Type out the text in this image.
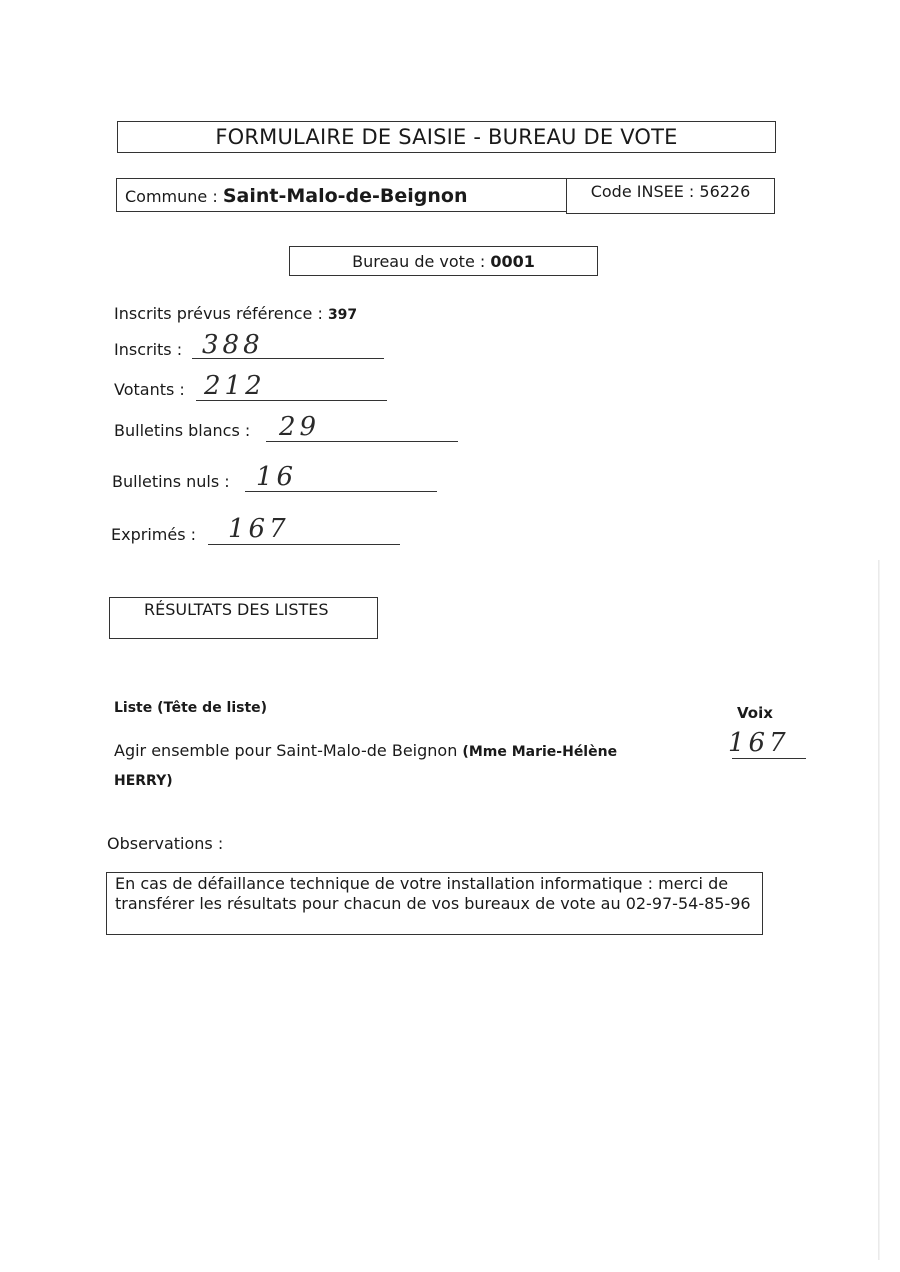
FORMULAIRE DE SAISIE - BUREAU DE VOTE
Commune : Saint-Malo-de-Beignon	Code INSEE : 56226
Bureau de vote : 0001
Inscrits prévus référence : 397
Inscrits : 388
Votants : 212
Bulletins blancs : 29
Bulletins nuls : 16
Exprimés : 167
RÉSULTATS DES LISTES
Liste (Tête de liste)	Voix
Agir ensemble pour Saint-Malo-de Beignon (Mme Marie-Hélène HERRY)
167
Observations :
En cas de défaillance technique de votre installation informatique : merci de transférer les résultats pour chacun de vos bureaux de vote au 02-97-54-85-96
